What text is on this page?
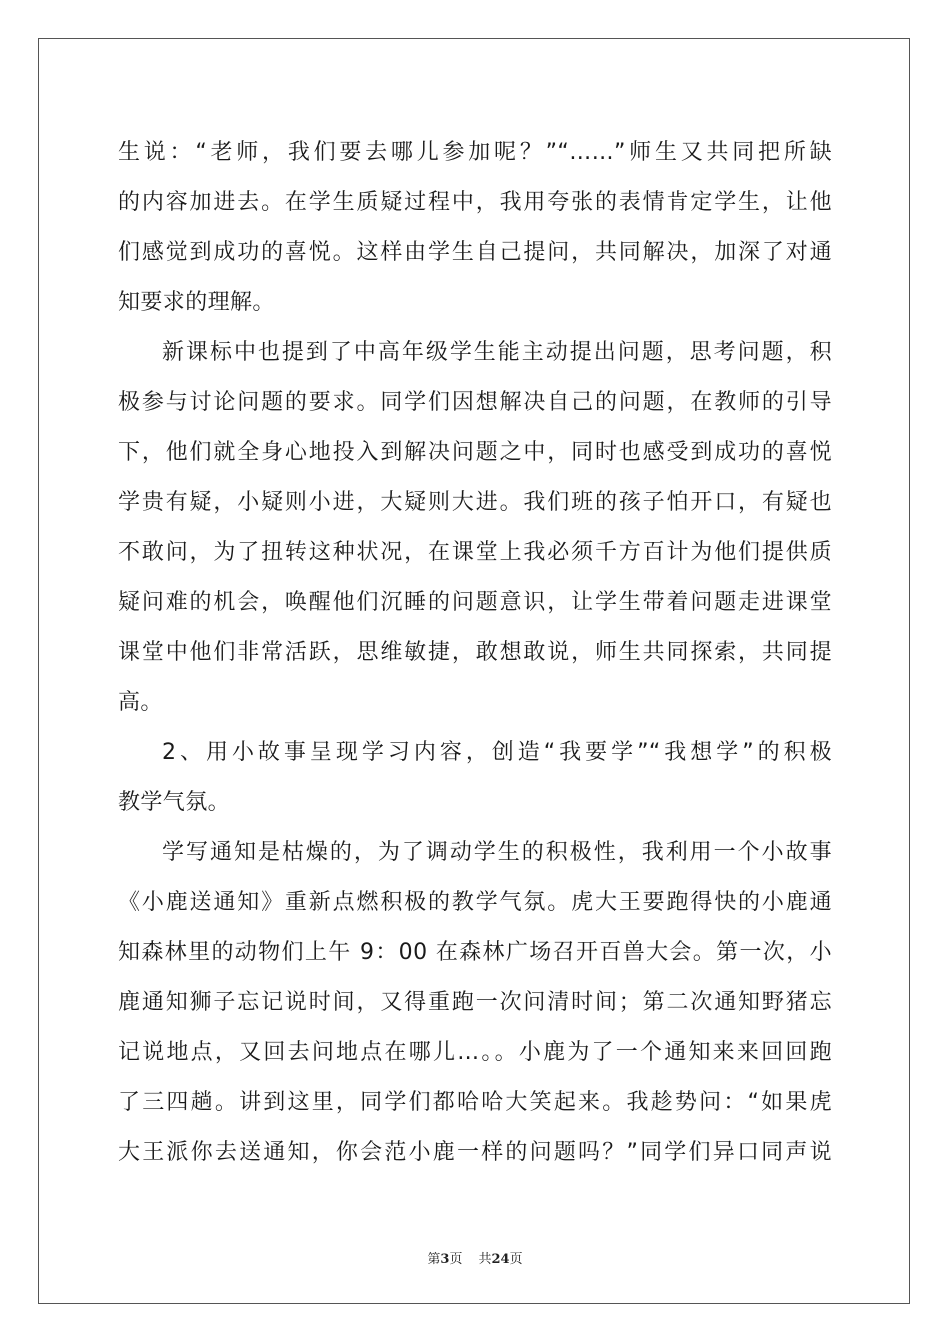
生说：“老师，我们要去哪儿参加呢？”“……”师生又共同把所缺
的内容加进去。在学生质疑过程中，我用夸张的表情肯定学生，让他
们感觉到成功的喜悦。这样由学生自己提问，共同解决，加深了对通
知要求的理解。
新课标中也提到了中高年级学生能主动提出问题，思考问题，积
极参与讨论问题的要求。同学们因想解决自己的问题，在教师的引导
下，他们就全身心地投入到解决问题之中，同时也感受到成功的喜悦
学贵有疑，小疑则小进，大疑则大进。我们班的孩子怕开口，有疑也
不敢问，为了扭转这种状况，在课堂上我必须千方百计为他们提供质
疑问难的机会，唤醒他们沉睡的问题意识，让学生带着问题走进课堂
课堂中他们非常活跃，思维敏捷，敢想敢说，师生共同探索，共同提
高。
2、用小故事呈现学习内容，创造“我要学”“我想学”的积极
教学气氛。
学写通知是枯燥的，为了调动学生的积极性，我利用一个小故事
《小鹿送通知》重新点燃积极的教学气氛。虎大王要跑得快的小鹿通
知森林里的动物们上午 9：00 在森林广场召开百兽大会。第一次，小
鹿通知狮子忘记说时间，又得重跑一次问清时间；第二次通知野猪忘
记说地点，又回去问地点在哪儿…。。小鹿为了一个通知来来回回跑
了三四趟。讲到这里，同学们都哈哈大笑起来。我趁势问：“如果虎
大王派你去送通知，你会范小鹿一样的问题吗？”同学们异口同声说
第3页 共24页
